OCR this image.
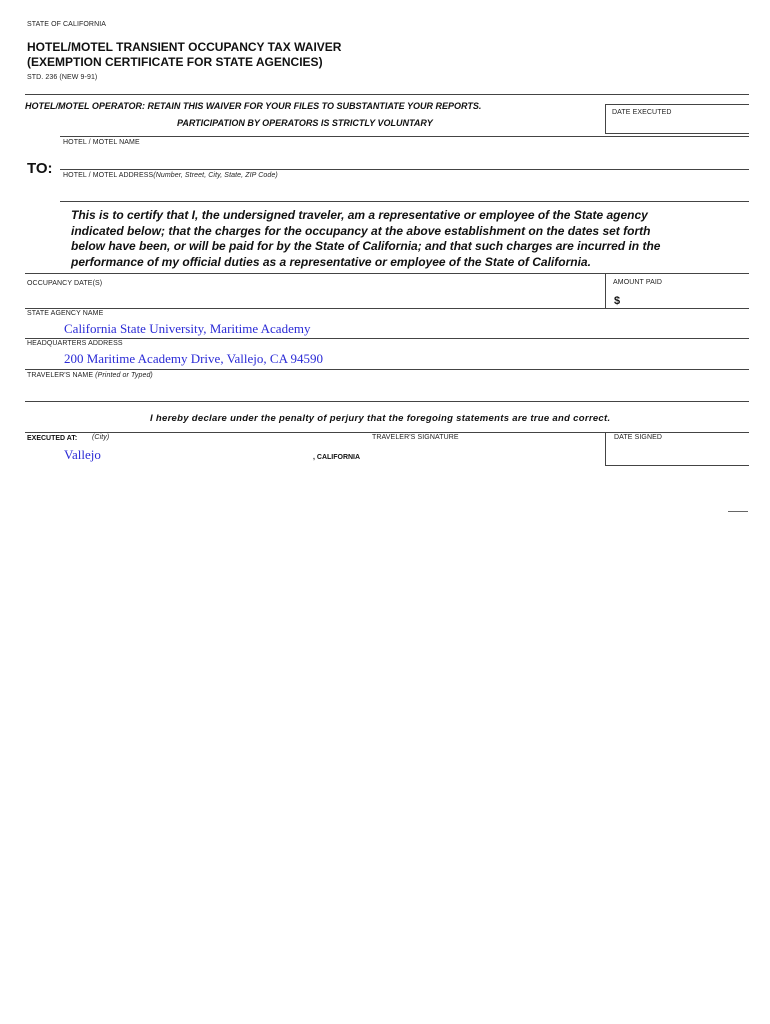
STATE OF CALIFORNIA
HOTEL/MOTEL TRANSIENT OCCUPANCY TAX WAIVER
(EXEMPTION CERTIFICATE FOR STATE AGENCIES)
STD. 236 (NEW 9-91)
HOTEL/MOTEL OPERATOR: RETAIN THIS WAIVER FOR YOUR FILES TO SUBSTANTIATE YOUR REPORTS.
PARTICIPATION BY OPERATORS IS STRICTLY VOLUNTARY
DATE EXECUTED
HOTEL / MOTEL NAME
TO: HOTEL / MOTEL ADDRESS(Number, Street, City, State, ZIP Code)
This is to certify that I, the undersigned traveler, am a representative or employee of the State agency
indicated below; that the charges for the occupancy at the above establishment on the dates set forth
below have been, or will be paid for by the State of California; and that such charges are incurred in the
performance of my official duties as a representative or employee of the State of California.
OCCUPANCY DATE(S)	AMOUNT PAID
$
STATE AGENCY NAME
California State University, Maritime Academy
HEADQUARTERS ADDRESS
200 Maritime Academy Drive, Vallejo, CA 94590
TRAVELER'S NAME (Printed or Typed)
I hereby declare under the penalty of perjury that the foregoing statements are true and correct.
EXECUTED AT: (City)
Vallejo	, CALIFORNIA
TRAVELER'S SIGNATURE	DATE SIGNED
